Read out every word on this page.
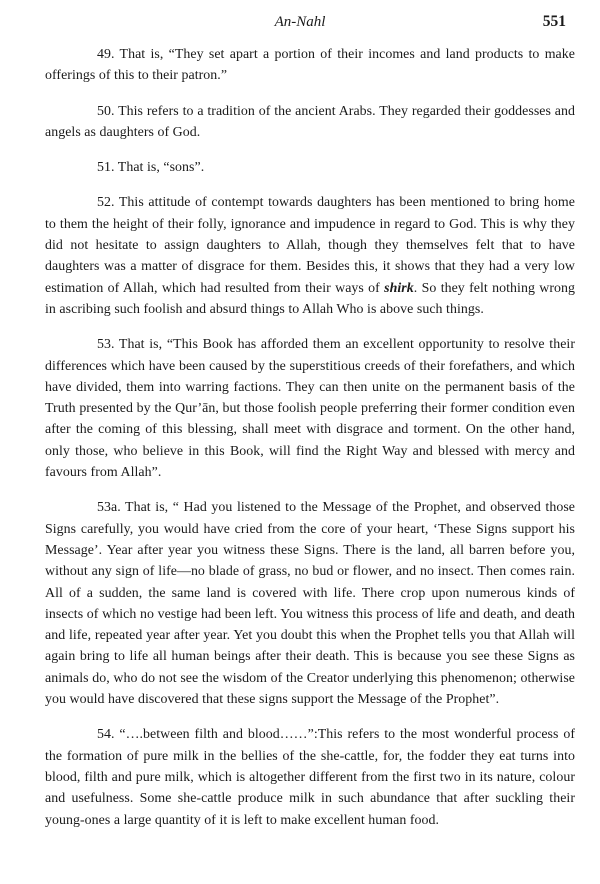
An-Nahl	551

49. That is, “They set apart a portion of their incomes and land products to make offerings of this to their patron.”

50. This refers to a tradition of the ancient Arabs. They regarded their goddesses and angels as daughters of God.

51. That is, “sons”.

52. This attitude of contempt towards daughters has been mentioned to bring home to them the height of their folly, ignorance and impudence in regard to God. This is why they did not hesitate to assign daughters to Allah, though they themselves felt that to have daughters was a matter of disgrace for them. Besides this, it shows that they had a very low estimation of Allah, which had resulted from their ways of shirk. So they felt nothing wrong in ascribing such foolish and absurd things to Allah Who is above such things.

53. That is, “This Book has afforded them an excellent opportunity to resolve their differences which have been caused by the superstitious creeds of their forefathers, and which have divided, them into warring factions. They can then unite on the permanent basis of the Truth presented by the Qur’ān, but those foolish people preferring their former condition even after the coming of this blessing, shall meet with disgrace and torment. On the other hand, only those, who believe in this Book, will find the Right Way and blessed with mercy and favours from Allah”.

53a. That is, “ Had you listened to the Message of the Prophet, and observed those Signs carefully, you would have cried from the core of your heart, ‘These Signs support his Message’. Year after year you witness these Signs. There is the land, all barren before you, without any sign of life—no blade of grass, no bud or flower, and no insect. Then comes rain. All of a sudden, the same land is covered with life. There crop upon numerous kinds of insects of which no vestige had been left. You witness this process of life and death, and death and life, repeated year after year. Yet you doubt this when the Prophet tells you that Allah will again bring to life all human beings after their death. This is because you see these Signs as animals do, who do not see the wisdom of the Creator underlying this phenomenon; otherwise you would have discovered that these signs support the Message of the Prophet”.

54. “….between filth and blood……”:This refers to the most wonderful process of the formation of pure milk in the bellies of the she-cattle, for, the fodder they eat turns into blood, filth and pure milk, which is altogether different from the first two in its nature, colour and usefulness. Some she-cattle produce milk in such abundance that after suckling their young-ones a large quantity of it is left to make excellent human food.
